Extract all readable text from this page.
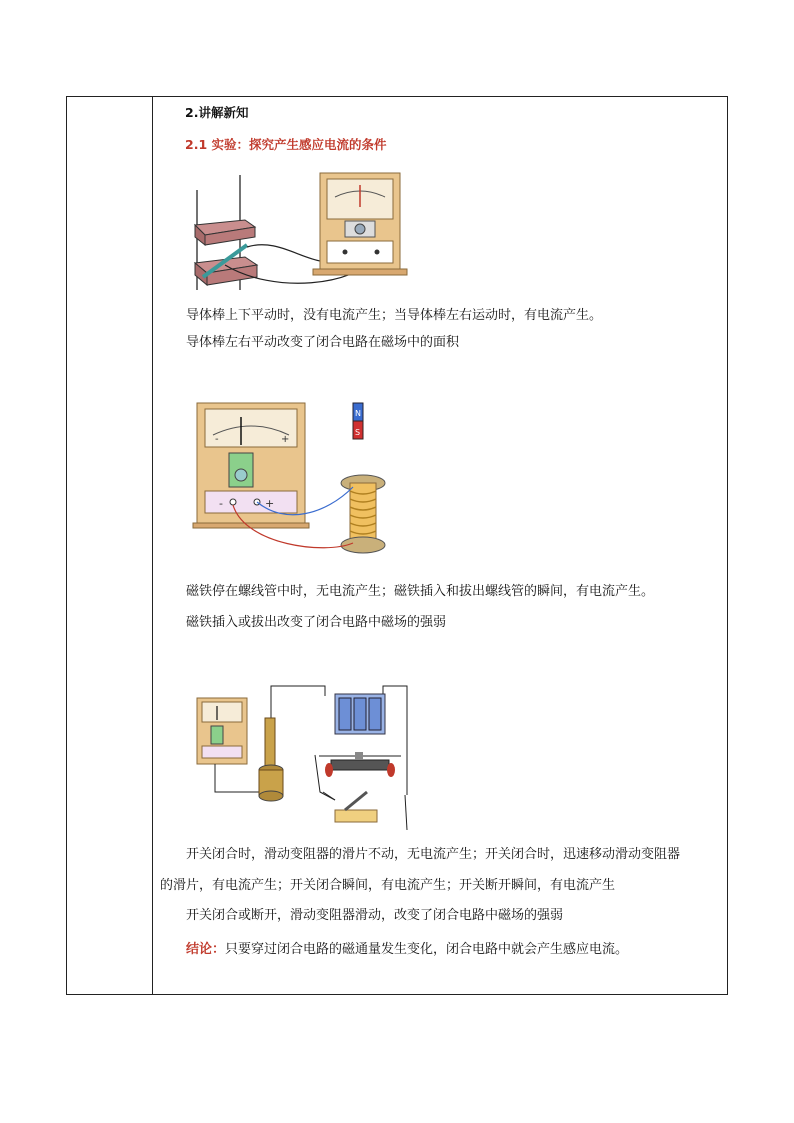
2.讲解新知
2.1 实验：探究产生感应电流的条件
导体棒上下平动时，没有电流产生；当导体棒左右运动时，有电流产生。
导体棒左右平动改变了闭合电路在磁场中的面积
-	+
-	+
N
S
磁铁停在螺线管中时，无电流产生；磁铁插入和拔出螺线管的瞬间，有电流产生。
磁铁插入或拔出改变了闭合电路中磁场的强弱
开关闭合时，滑动变阻器的滑片不动，无电流产生；开关闭合时，迅速移动滑动变阻器
的滑片，有电流产生；开关闭合瞬间，有电流产生；开关断开瞬间，有电流产生
开关闭合或断开，滑动变阻器滑动，改变了闭合电路中磁场的强弱
结论：只要穿过闭合电路的磁通量发生变化，闭合电路中就会产生感应电流。
